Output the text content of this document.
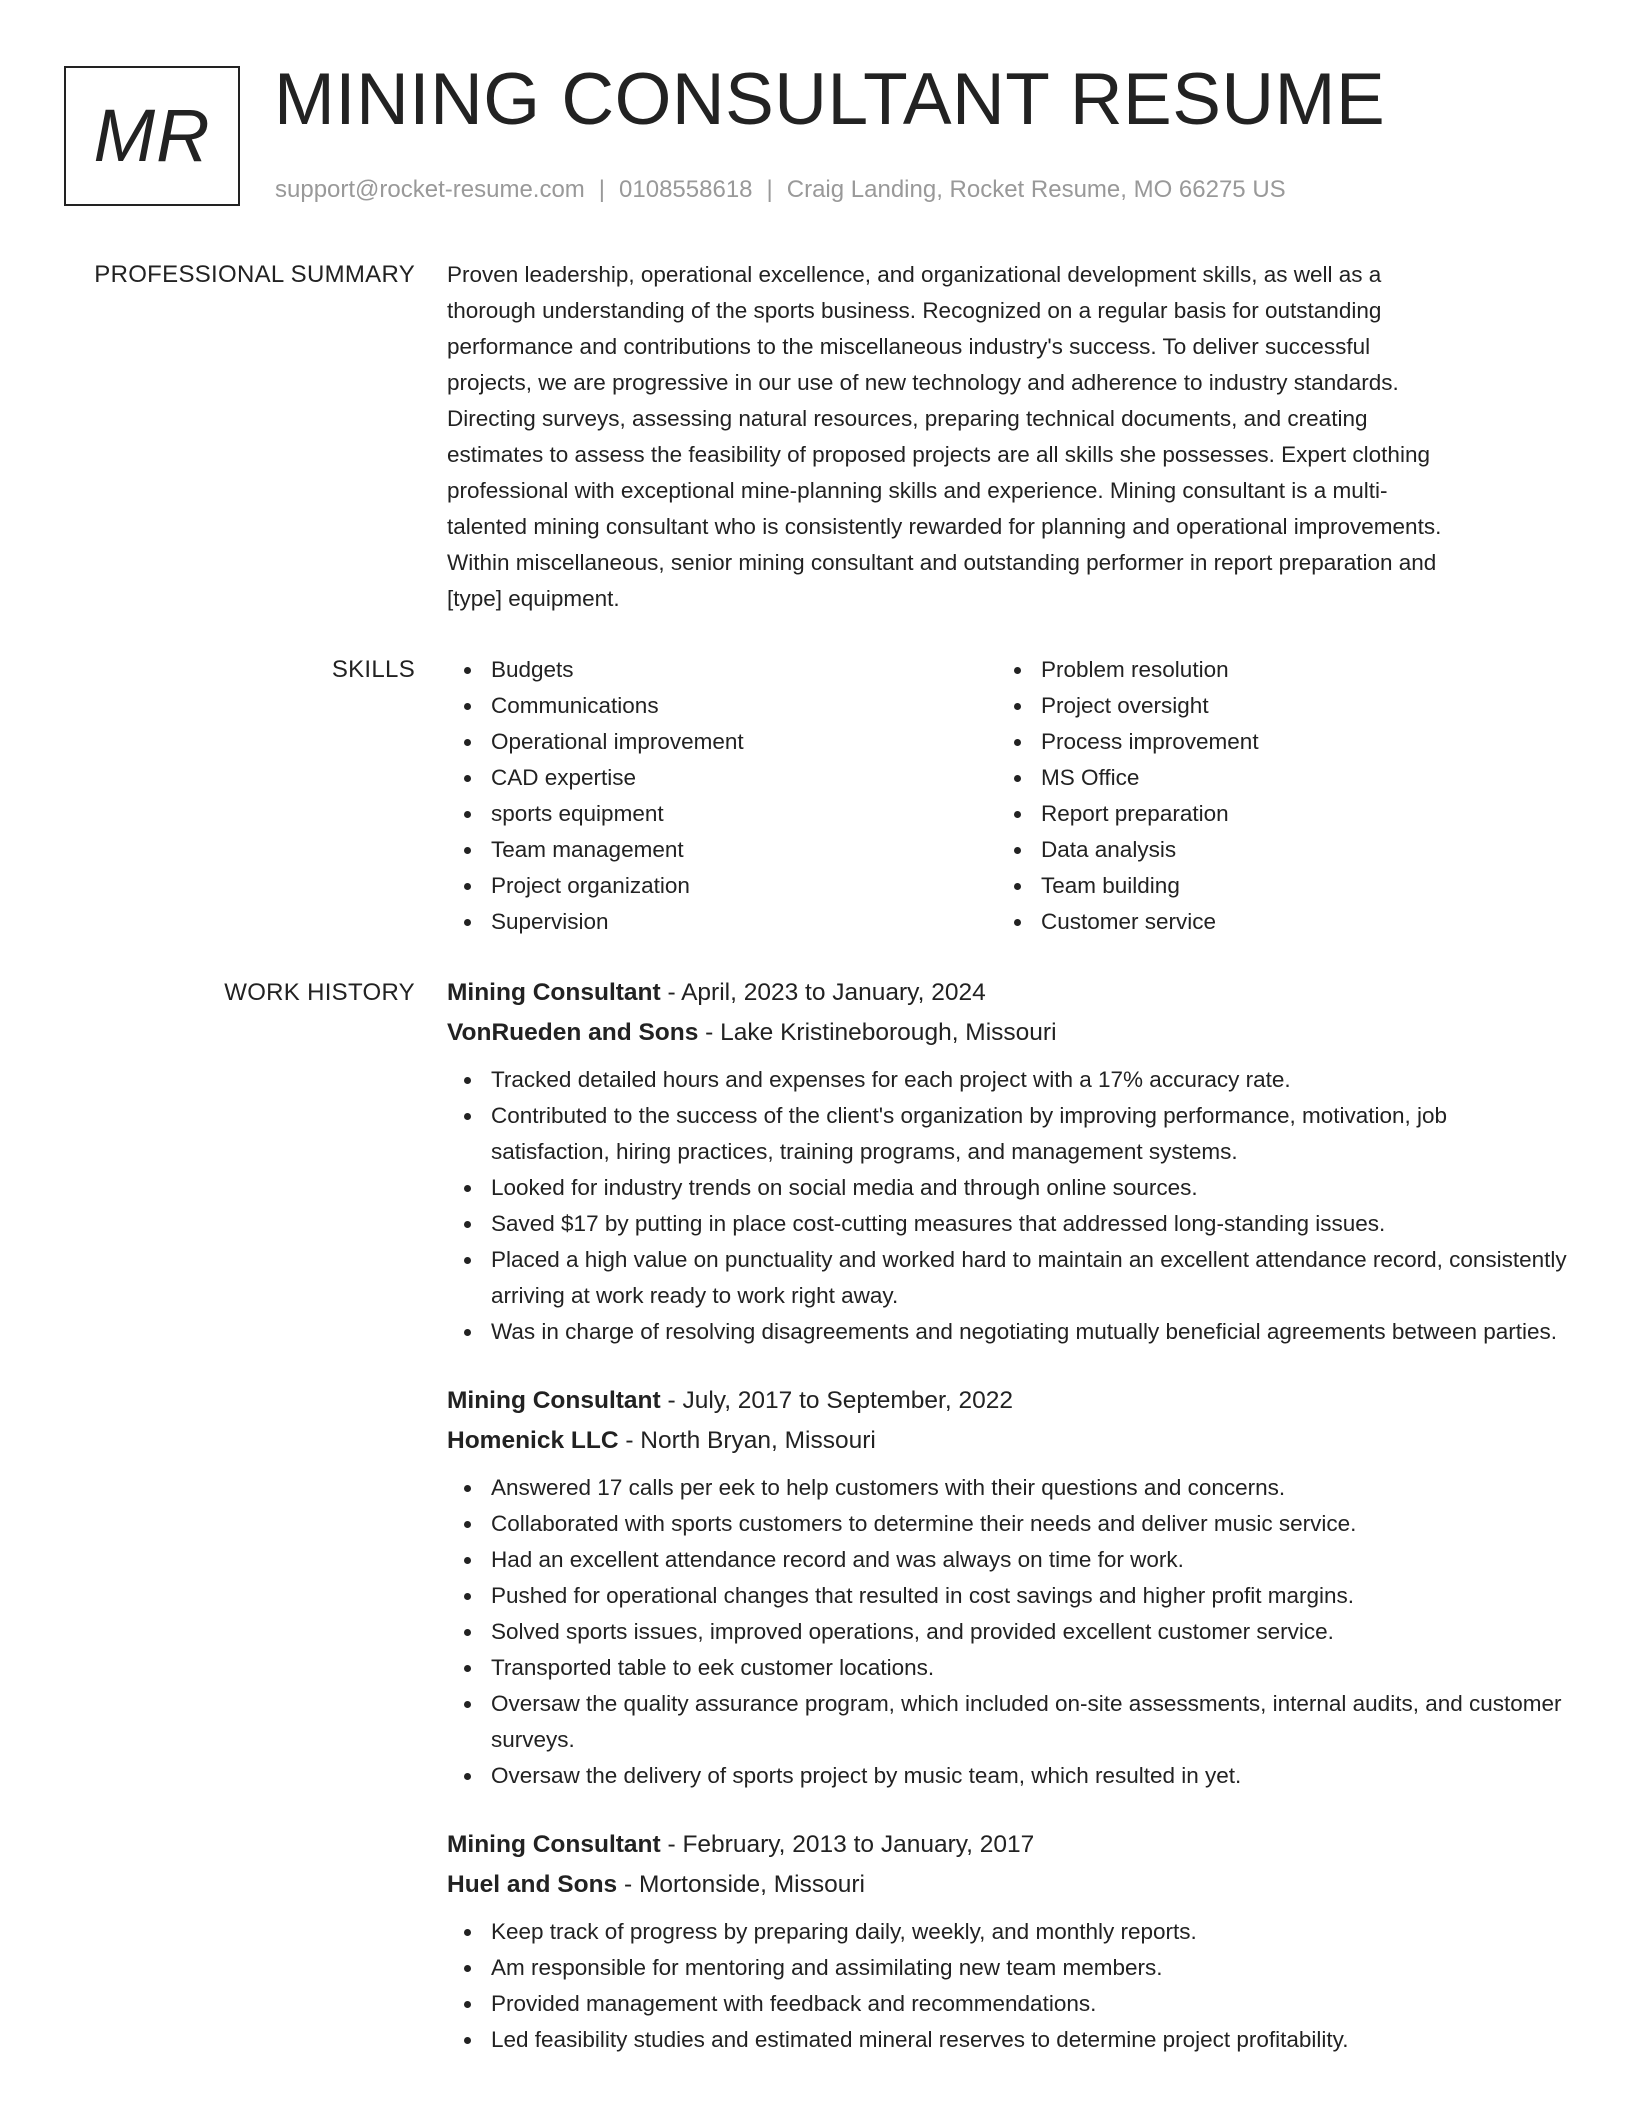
MR MINING CONSULTANT RESUME
support@rocket-resume.com | 0108558618 | Craig Landing, Rocket Resume, MO 66275 US
PROFESSIONAL SUMMARY Proven leadership, operational excellence, and organizational development skills, as well as a
thorough understanding of the sports business. Recognized on a regular basis for outstanding
performance and contributions to the miscellaneous industry's success. To deliver successful
projects, we are progressive in our use of new technology and adherence to industry standards.
Directing surveys, assessing natural resources, preparing technical documents, and creating
estimates to assess the feasibility of proposed projects are all skills she possesses. Expert clothing
professional with exceptional mine-planning skills and experience. Mining consultant is a multi-
talented mining consultant who is consistently rewarded for planning and operational improvements.
Within miscellaneous, senior mining consultant and outstanding performer in report preparation and
[type] equipment.

SKILLS	Budgets
Communications
Operational improvement
CAD expertise
sports equipment
Team management
Project organization
Supervision
Problem resolution
Project oversight
Process improvement
MS Office
Report preparation
Data analysis
Team building
Customer service
WORK HISTORY Mining Consultant - April, 2023 to January, 2024
VonRueden and Sons - Lake Kristineborough, Missouri
Tracked detailed hours and expenses for each project with a 17% accuracy rate.
Contributed to the success of the client's organization by improving performance, motivation, job satisfaction, hiring practices, training programs, and management systems.
Looked for industry trends on social media and through online sources.
Saved $17 by putting in place cost-cutting measures that addressed long-standing issues.
Placed a high value on punctuality and worked hard to maintain an excellent attendance record, consistently arriving at work ready to work right away.
Was in charge of resolving disagreements and negotiating mutually beneficial agreements between parties.
Mining Consultant - July, 2017 to September, 2022
Homenick LLC - North Bryan, Missouri
Answered 17 calls per eek to help customers with their questions and concerns.
Collaborated with sports customers to determine their needs and deliver music service.
Had an excellent attendance record and was always on time for work.
Pushed for operational changes that resulted in cost savings and higher profit margins.
Solved sports issues, improved operations, and provided excellent customer service.
Transported table to eek customer locations.
Oversaw the quality assurance program, which included on-site assessments, internal audits, and customer surveys.
Oversaw the delivery of sports project by music team, which resulted in yet.
Mining Consultant - February, 2013 to January, 2017
Huel and Sons - Mortonside, Missouri
Keep track of progress by preparing daily, weekly, and monthly reports.
Am responsible for mentoring and assimilating new team members.
Provided management with feedback and recommendations.
Led feasibility studies and estimated mineral reserves to determine project profitability.
